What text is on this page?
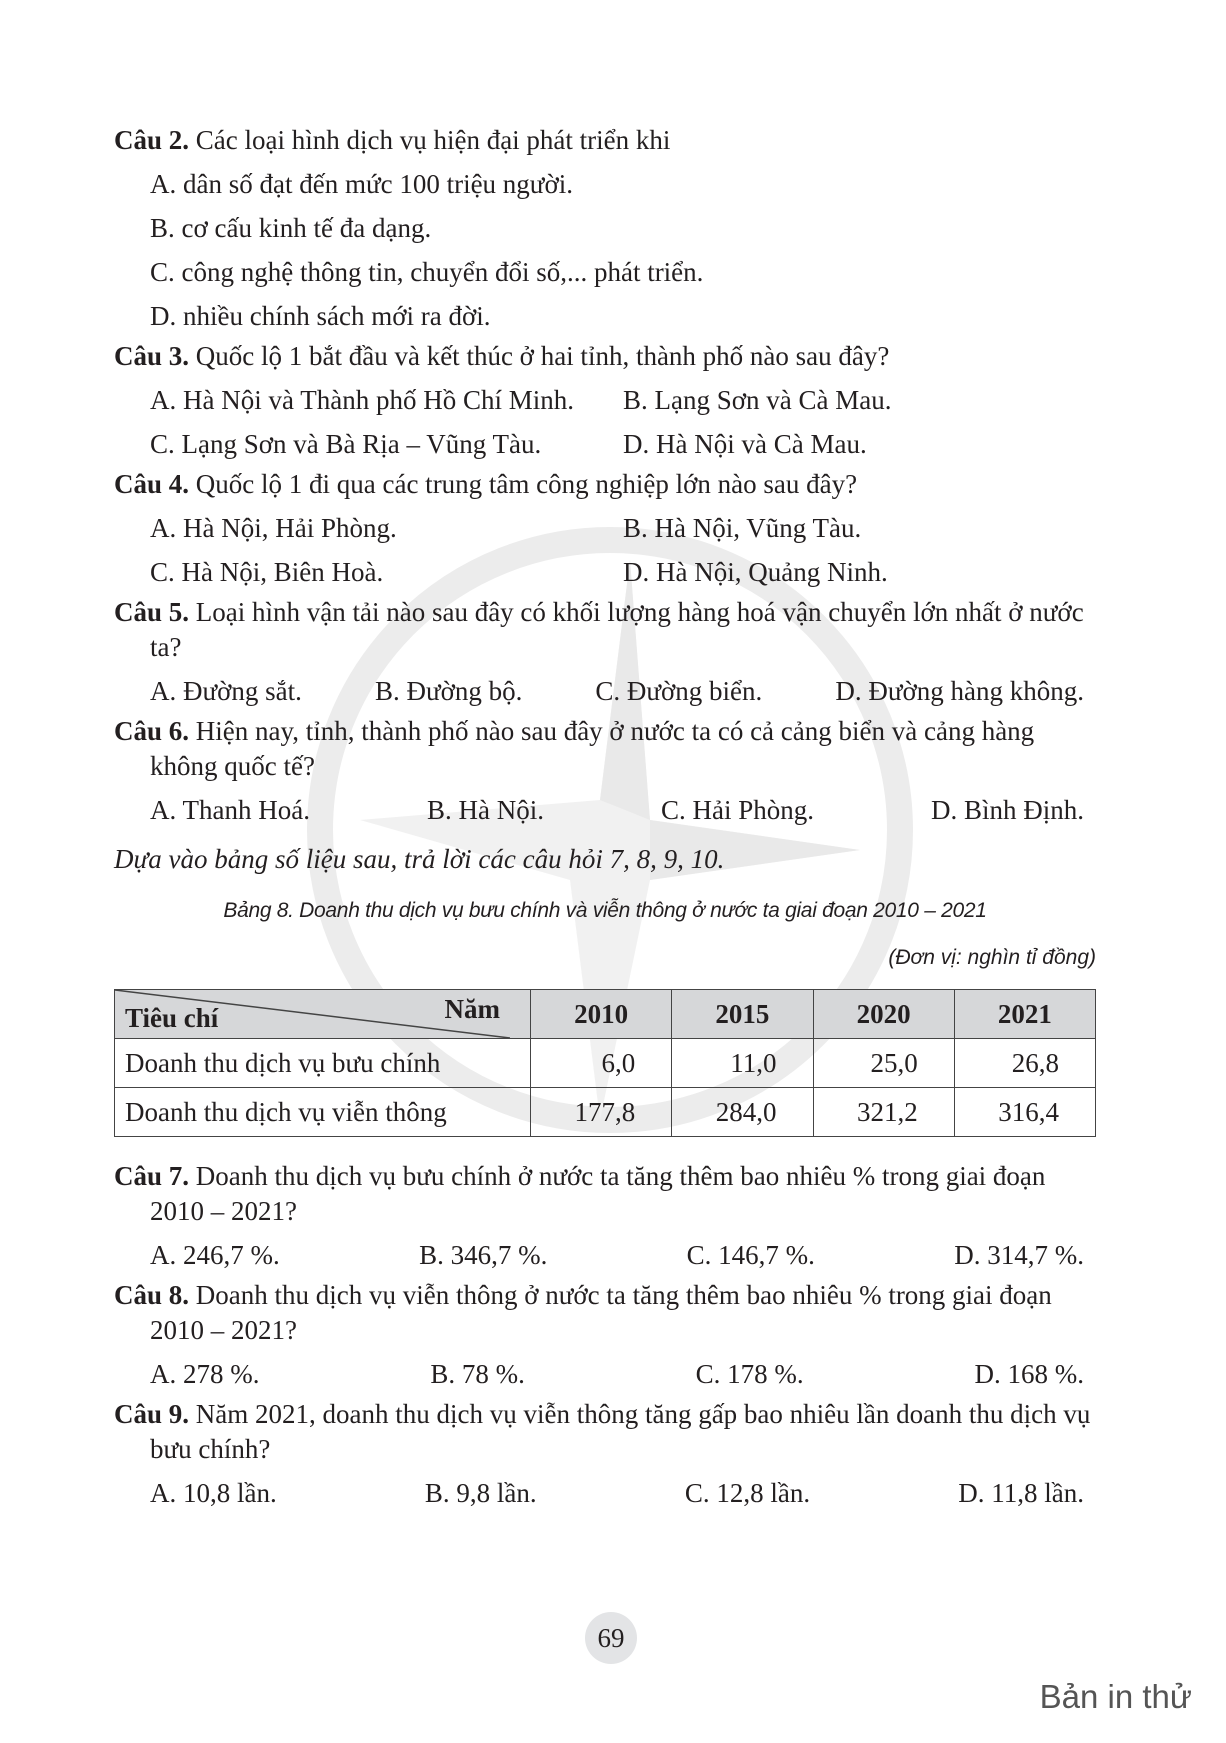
Câu 2. Các loại hình dịch vụ hiện đại phát triển khi
A. dân số đạt đến mức 100 triệu người.
B. cơ cấu kinh tế đa dạng.
C. công nghệ thông tin, chuyển đổi số,... phát triển.
D. nhiều chính sách mới ra đời.
Câu 3. Quốc lộ 1 bắt đầu và kết thúc ở hai tỉnh, thành phố nào sau đây?
A. Hà Nội và Thành phố Hồ Chí Minh.	B. Lạng Sơn và Cà Mau.
C. Lạng Sơn và Bà Rịa – Vũng Tàu.	D. Hà Nội và Cà Mau.
Câu 4. Quốc lộ 1 đi qua các trung tâm công nghiệp lớn nào sau đây?
A. Hà Nội, Hải Phòng.	B. Hà Nội, Vũng Tàu.
C. Hà Nội, Biên Hoà.	D. Hà Nội, Quảng Ninh.
Câu 5. Loại hình vận tải nào sau đây có khối lượng hàng hoá vận chuyển lớn nhất ở nước ta?
A. Đường sắt.	B. Đường bộ.	C. Đường biển.	D. Đường hàng không.
Câu 6. Hiện nay, tỉnh, thành phố nào sau đây ở nước ta có cả cảng biển và cảng hàng không quốc tế?
A. Thanh Hoá.	B. Hà Nội.	C. Hải Phòng.	D. Bình Định.

Dựa vào bảng số liệu sau, trả lời các câu hỏi 7, 8, 9, 10.

Bảng 8. Doanh thu dịch vụ bưu chính và viễn thông ở nước ta giai đoạn 2010 – 2021
(Đơn vị: nghìn tỉ đồng)
Tiêu chí Năm	2010	2015	2020	2021
Doanh thu dịch vụ bưu chính	6,0	11,0	25,0	26,8
Doanh thu dịch vụ viễn thông	177,8	284,0	321,2	316,4
Câu 7. Doanh thu dịch vụ bưu chính ở nước ta tăng thêm bao nhiêu % trong giai đoạn 2010 – 2021?
A. 246,7 %.	B. 346,7 %.	C. 146,7 %.	D. 314,7 %.
Câu 8. Doanh thu dịch vụ viễn thông ở nước ta tăng thêm bao nhiêu % trong giai đoạn 2010 – 2021?
A. 278 %.	B. 78 %.	C. 178 %.	D. 168 %.
Câu 9. Năm 2021, doanh thu dịch vụ viễn thông tăng gấp bao nhiêu lần doanh thu dịch vụ bưu chính?
A. 10,8 lần.	B. 9,8 lần.	C. 12,8 lần.	D. 11,8 lần.
69
Bản in thử
